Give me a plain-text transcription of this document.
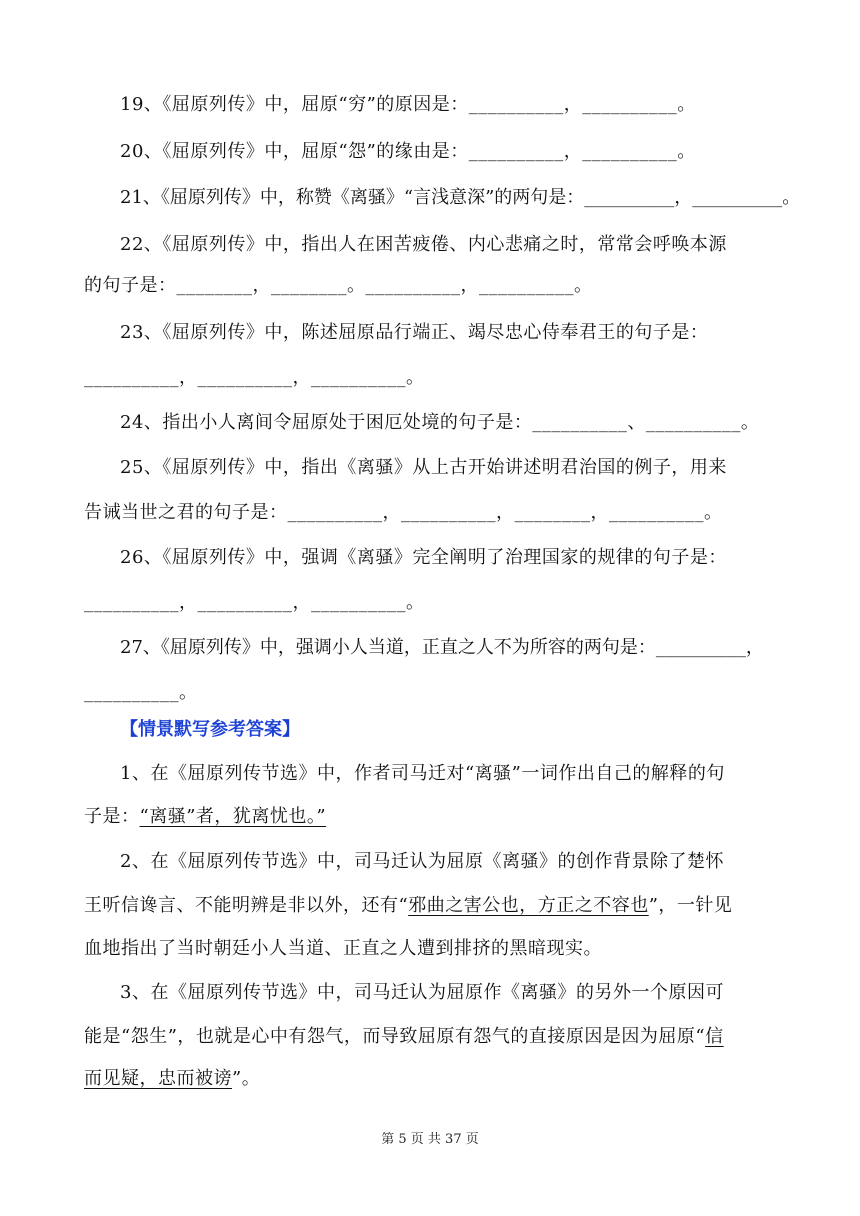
19、《屈原列传》中，屈原“穷”的原因是：__________，__________。
20、《屈原列传》中，屈原“怨”的缘由是：__________，__________。
21、《屈原列传》中，称赞《离骚》“言浅意深”的两句是：__________，__________。
22、《屈原列传》中，指出人在困苦疲倦、内心悲痛之时，常常会呼唤本源
的句子是：________，________。__________，__________。
23、《屈原列传》中，陈述屈原品行端正、竭尽忠心侍奉君王的句子是：
__________，__________，__________。
24、指出小人离间令屈原处于困厄处境的句子是：__________、__________。
25、《屈原列传》中，指出《离骚》从上古开始讲述明君治国的例子，用来
告诫当世之君的句子是：__________，__________，________，__________。
26、《屈原列传》中，强调《离骚》完全阐明了治理国家的规律的句子是：
__________，__________，__________。
27、《屈原列传》中，强调小人当道，正直之人不为所容的两句是：__________，
__________。
【情景默写参考答案】
1、在《屈原列传节选》中，作者司马迁对“离骚”一词作出自己的解释的句
子是：“离骚”者，犹离忧也。”
2、在《屈原列传节选》中，司马迁认为屈原《离骚》的创作背景除了楚怀
王听信谗言、不能明辨是非以外，还有“邪曲之害公也，方正之不容也”，一针见
血地指出了当时朝廷小人当道、正直之人遭到排挤的黑暗现实。
3、在《屈原列传节选》中，司马迁认为屈原作《离骚》的另外一个原因可
能是“怨生”，也就是心中有怨气，而导致屈原有怨气的直接原因是因为屈原“信
而见疑，忠而被谤”。
第 5 页 共 37 页
